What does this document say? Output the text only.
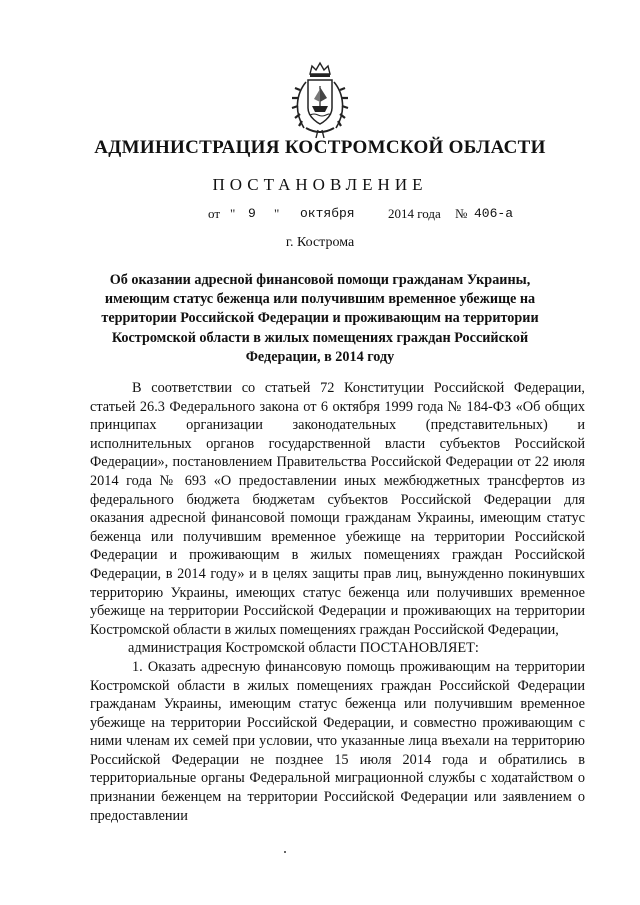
АДМИНИСТРАЦИЯ КОСТРОМСКОЙ ОБЛАСТИ
ПОСТАНОВЛЕНИЕ
от " 9 " октября	2014 года № 406-а
г. Кострома
Об оказании адресной финансовой помощи гражданам Украины, имеющим статус беженца или получившим временное убежище на территории Российской Федерации и проживающим на территории Костромской области в жилых помещениях граждан Российской Федерации, в 2014 году

В соответствии со статьей 72 Конституции Российской Федерации, статьей 26.3 Федерального закона от 6 октября 1999 года № 184-ФЗ «Об общих принципах организации законодательных (представительных) и исполнительных органов государственной власти субъектов Российской Федерации», постановлением Правительства Российской Федерации от 22 июля 2014 года № 693 «О предоставлении иных межбюджетных трансфертов из федерального бюджета бюджетам субъектов Российской Федерации для оказания адресной финансовой помощи гражданам Украины, имеющим статус беженца или получившим временное убежище на территории Российской Федерации и проживающим в жилых помещениях граждан Российской Федерации, в 2014 году» и в целях защиты прав лиц, вынужденно покинувших территорию Украины, имеющих статус беженца или получивших временное убежище на территории Российской Федерации и проживающих на территории Костромской области в жилых помещениях граждан Российской Федерации,

администрация Костромской области ПОСТАНОВЛЯЕТ:

1. Оказать адресную финансовую помощь проживающим на территории Костромской области в жилых помещениях граждан Российской Федерации гражданам Украины, имеющим статус беженца или получившим временное убежище на территории Российской Федерации, и совместно проживающим с ними членам их семей при условии, что указанные лица въехали на территорию Российской Федерации не позднее 15 июля 2014 года и обратились в территориальные органы Федеральной миграционной службы с ходатайством о признании беженцем на территории Российской Федерации или заявлением о предоставлении
